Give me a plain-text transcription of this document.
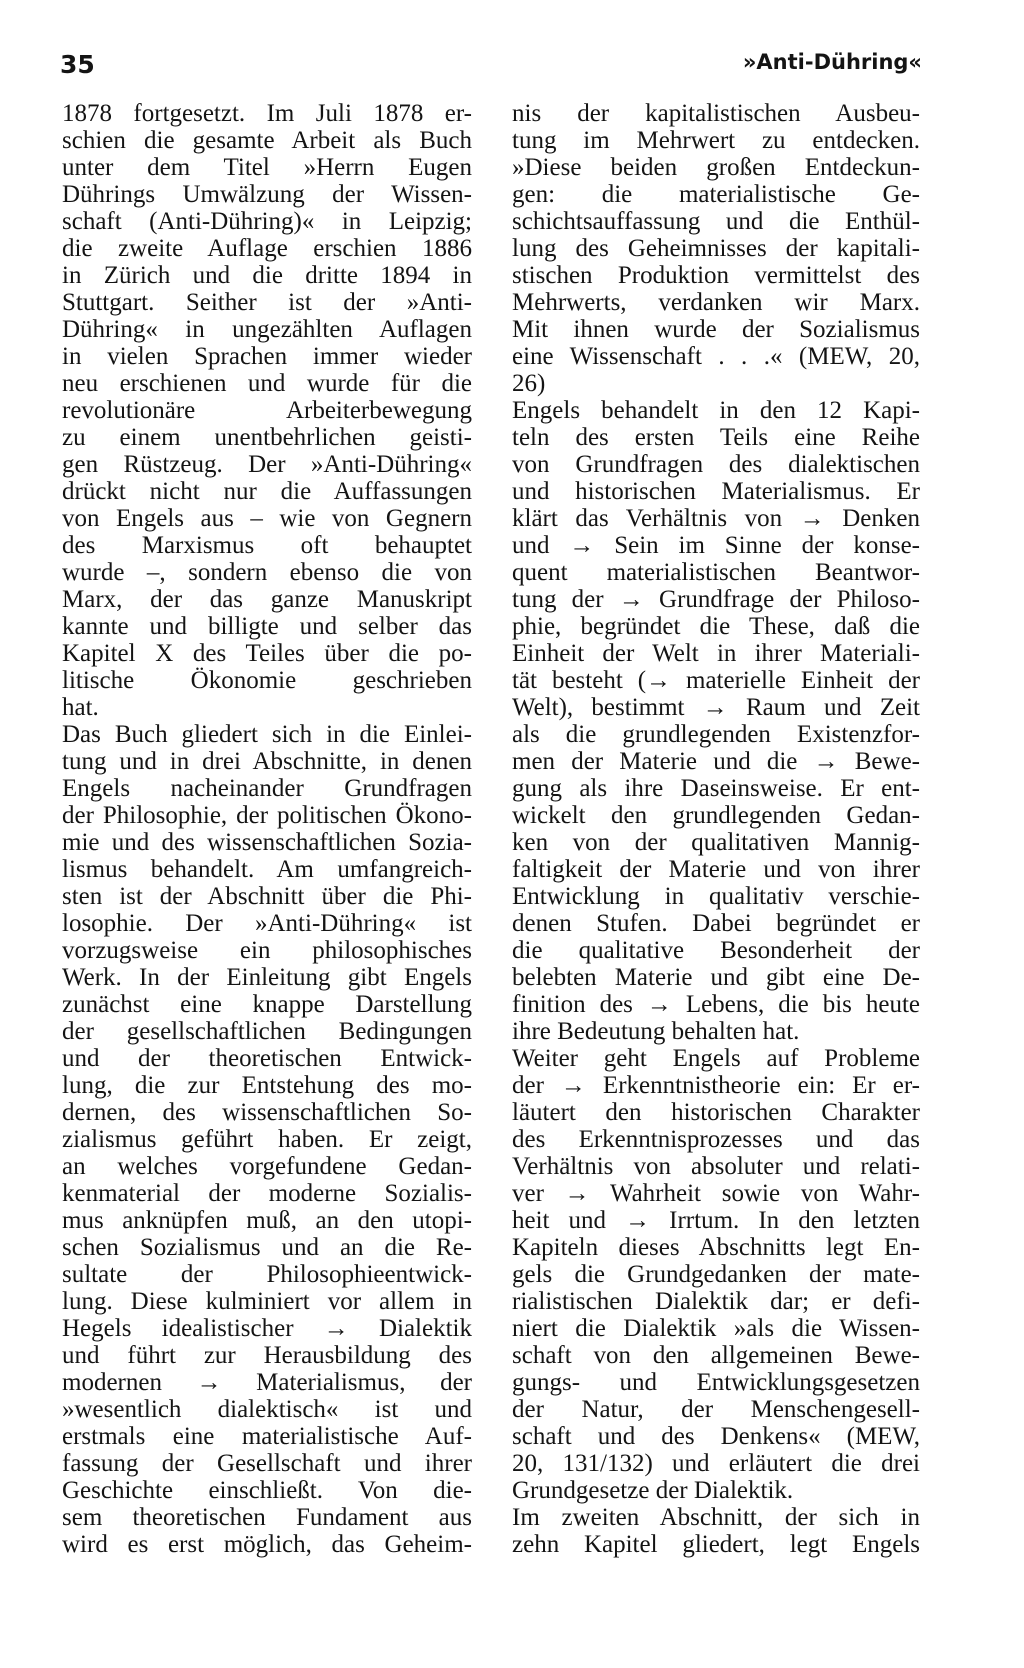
35	»Anti-Dühring«
1878 fortgesetzt. Im Juli 1878 er-
schien die gesamte Arbeit als Buch
unter dem Titel »Herrn Eugen
Dührings Umwälzung der Wissen-
schaft (Anti-Dühring)« in Leipzig;
die zweite Auflage erschien 1886
in Zürich und die dritte 1894 in
Stuttgart. Seither ist der »Anti-
Dühring« in ungezählten Auflagen
in vielen Sprachen immer wieder
neu erschienen und wurde für die
revolutionäre Arbeiterbewegung
zu einem unentbehrlichen geisti-
gen Rüstzeug. Der »Anti-Dühring«
drückt nicht nur die Auffassungen
von Engels aus – wie von Gegnern
des Marxismus oft behauptet
wurde –, sondern ebenso die von
Marx, der das ganze Manuskript
kannte und billigte und selber das
Kapitel X des Teiles über die po-
litische Ökonomie geschrieben
hat.
Das Buch gliedert sich in die Einlei-
tung und in drei Abschnitte, in denen
Engels nacheinander Grundfragen
der Philosophie, der politischen Ökono-
mie und des wissenschaftlichen Sozia-
lismus behandelt. Am umfangreich-
sten ist der Abschnitt über die Phi-
losophie. Der »Anti-Dühring« ist
vorzugsweise ein philosophisches
Werk. In der Einleitung gibt Engels
zunächst eine knappe Darstellung
der gesellschaftlichen Bedingungen
und der theoretischen Entwick-
lung, die zur Entstehung des mo-
dernen, des wissenschaftlichen So-
zialismus geführt haben. Er zeigt,
an welches vorgefundene Gedan-
kenmaterial der moderne Sozialis-
mus anknüpfen muß, an den utopi-
schen Sozialismus und an die Re-
sultate der Philosophieentwick-
lung. Diese kulminiert vor allem in
Hegels idealistischer → Dialektik
und führt zur Herausbildung des
modernen → Materialismus, der
»wesentlich dialektisch« ist und
erstmals eine materialistische Auf-
fassung der Gesellschaft und ihrer
Geschichte einschließt. Von die-
sem theoretischen Fundament aus
wird es erst möglich, das Geheim-
nis der kapitalistischen Ausbeu-
tung im Mehrwert zu entdecken.
»Diese beiden großen Entdeckun-
gen: die materialistische Ge-
schichtsauffassung und die Enthül-
lung des Geheimnisses der kapitali-
stischen Produktion vermittelst des
Mehrwerts, verdanken wir Marx.
Mit ihnen wurde der Sozialismus
eine Wissenschaft . . .« (MEW, 20,
26)
Engels behandelt in den 12 Kapi-
teln des ersten Teils eine Reihe
von Grundfragen des dialektischen
und historischen Materialismus. Er
klärt das Verhältnis von → Denken
und → Sein im Sinne der konse-
quent materialistischen Beantwor-
tung der → Grundfrage der Philoso-
phie, begründet die These, daß die
Einheit der Welt in ihrer Materiali-
tät besteht (→ materielle Einheit der
Welt), bestimmt → Raum und Zeit
als die grundlegenden Existenzfor-
men der Materie und die → Bewe-
gung als ihre Daseinsweise. Er ent-
wickelt den grundlegenden Gedan-
ken von der qualitativen Mannig-
faltigkeit der Materie und von ihrer
Entwicklung in qualitativ verschie-
denen Stufen. Dabei begründet er
die qualitative Besonderheit der
belebten Materie und gibt eine De-
finition des → Lebens, die bis heute
ihre Bedeutung behalten hat.
Weiter geht Engels auf Probleme
der → Erkenntnistheorie ein: Er er-
läutert den historischen Charakter
des Erkenntnisprozesses und das
Verhältnis von absoluter und relati-
ver → Wahrheit sowie von Wahr-
heit und → Irrtum. In den letzten
Kapiteln dieses Abschnitts legt En-
gels die Grundgedanken der mate-
rialistischen Dialektik dar; er defi-
niert die Dialektik »als die Wissen-
schaft von den allgemeinen Bewe-
gungs- und Entwicklungsgesetzen
der Natur, der Menschengesell-
schaft und des Denkens« (MEW,
20, 131/132) und erläutert die drei
Grundgesetze der Dialektik.
Im zweiten Abschnitt, der sich in
zehn Kapitel gliedert, legt Engels
